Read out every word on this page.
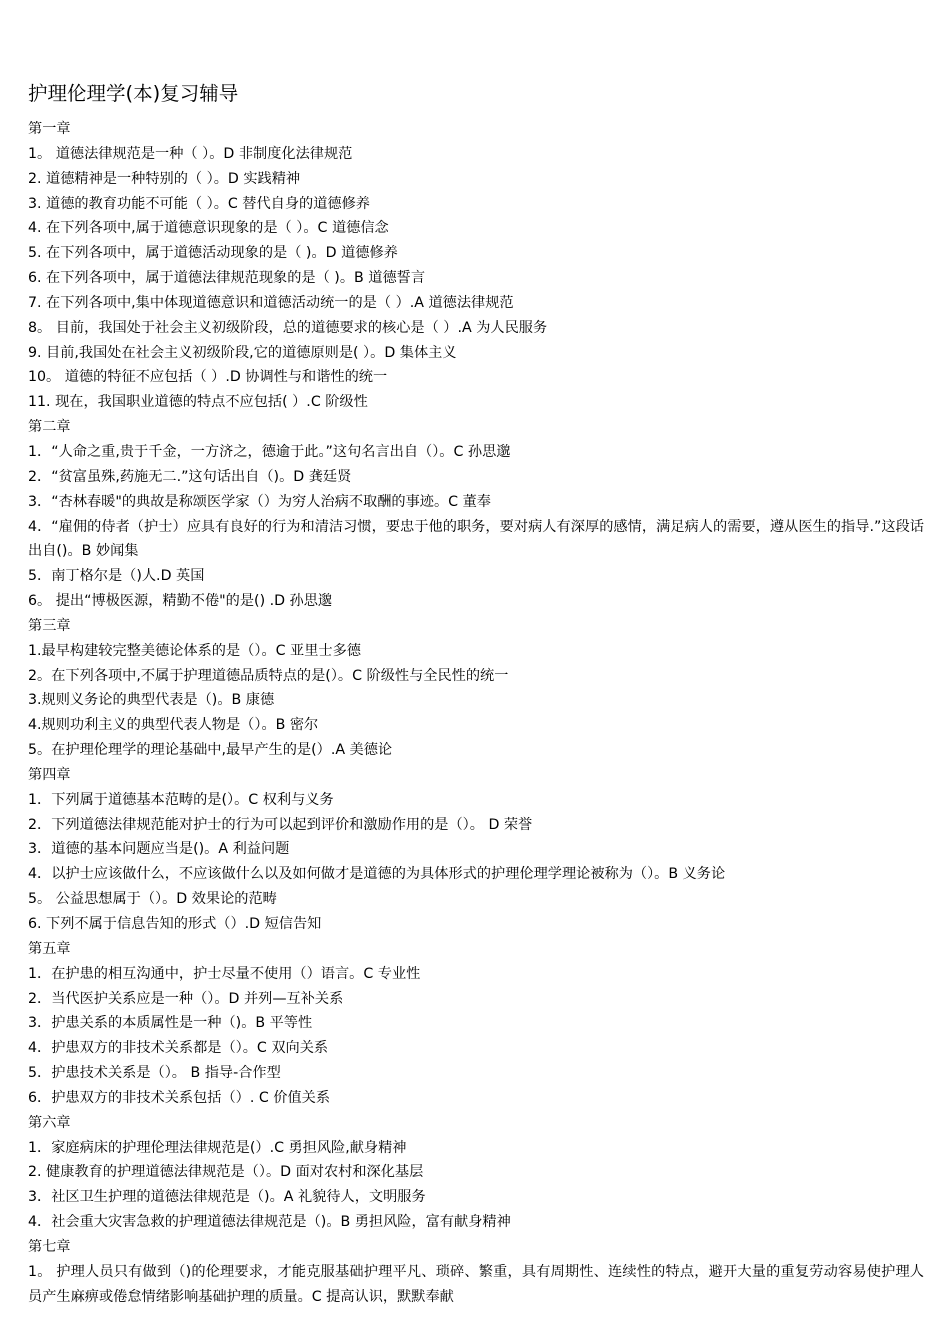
护理伦理学(本)复习辅导
第一章
1。 道德法律规范是一种（ ）。D 非制度化法律规范
2. 道德精神是一种特别的（ ）。D 实践精神
3. 道德的教育功能不可能（ ）。C 替代自身的道德修养
4. 在下列各项中,属于道德意识现象的是（ ）。C 道德信念
5. 在下列各项中，属于道德活动现象的是（ )。D 道德修养
6. 在下列各项中，属于道德法律规范现象的是（ )。B 道德誓言
7. 在下列各项中,集中体现道德意识和道德活动统一的是（ ）.A 道德法律规范
8。 目前，我国处于社会主义初级阶段，总的道德要求的核心是（ ）.A 为人民服务
9. 目前,我国处在社会主义初级阶段,它的道德原则是( ）。D 集体主义
10。 道德的特征不应包括（ ）.D 协调性与和谐性的统一
11. 现在，我国职业道德的特点不应包括( ）.C 阶级性
第二章
1．“人命之重,贵于千金，一方济之，德逾于此。”这句名言出自（）。C 孙思邈
2．“贫富虽殊,药施无二.”这句话出自（)。D 龚廷贤
3．“杏林春暖"的典故是称颂医学家（）为穷人治病不取酬的事迹。C 董奉
4．“雇佣的侍者（护士）应具有良好的行为和清洁习惯，要忠于他的职务，要对病人有深厚的感情，满足病人的需要，遵从医生的指导.”这段话出自()。B 妙闻集
5．南丁格尔是（)人.D 英国
6。 提出“博极医源，精勤不倦"的是() .D 孙思邈
第三章
1.最早构建较完整美德论体系的是（）。C 亚里士多德
2。在下列各项中,不属于护理道德品质特点的是(）。C 阶级性与全民性的统一
3.规则义务论的典型代表是（)。B 康德
4.规则功利主义的典型代表人物是（）。B 密尔
5。在护理伦理学的理论基础中,最早产生的是(）.A 美德论
第四章
1．下列属于道德基本范畴的是(）。C 权利与义务
2．下列道德法律规范能对护士的行为可以起到评价和激励作用的是（）。 D 荣誉
3．道德的基本问题应当是()。A 利益问题
4．以护士应该做什么，不应该做什么以及如何做才是道德的为具体形式的护理伦理学理论被称为（）。B 义务论
5。 公益思想属于（）。D 效果论的范畴
6. 下列不属于信息告知的形式（）.D 短信告知
第五章
1．在护患的相互沟通中，护士尽量不使用（）语言。C 专业性
2．当代医护关系应是一种（）。D 并列—互补关系
3．护患关系的本质属性是一种（)。B 平等性
4．护患双方的非技术关系都是（）。C 双向关系
5．护患技术关系是（）。 B 指导-合作型
6．护患双方的非技术关系包括（）. C 价值关系
第六章
1．家庭病床的护理伦理法律规范是(）.C 勇担风险,献身精神
2. 健康教育的护理道德法律规范是（）。D 面对农村和深化基层
3．社区卫生护理的道德法律规范是（)。A 礼貌待人，文明服务
4．社会重大灾害急救的护理道德法律规范是（)。B 勇担风险，富有献身精神
第七章
1。 护理人员只有做到（)的伦理要求，才能克服基础护理平凡、琐碎、繁重，具有周期性、连续性的特点，避开大量的重复劳动容易使护理人员产生麻痹或倦怠情绪影响基础护理的质量。C 提高认识，默默奉献
